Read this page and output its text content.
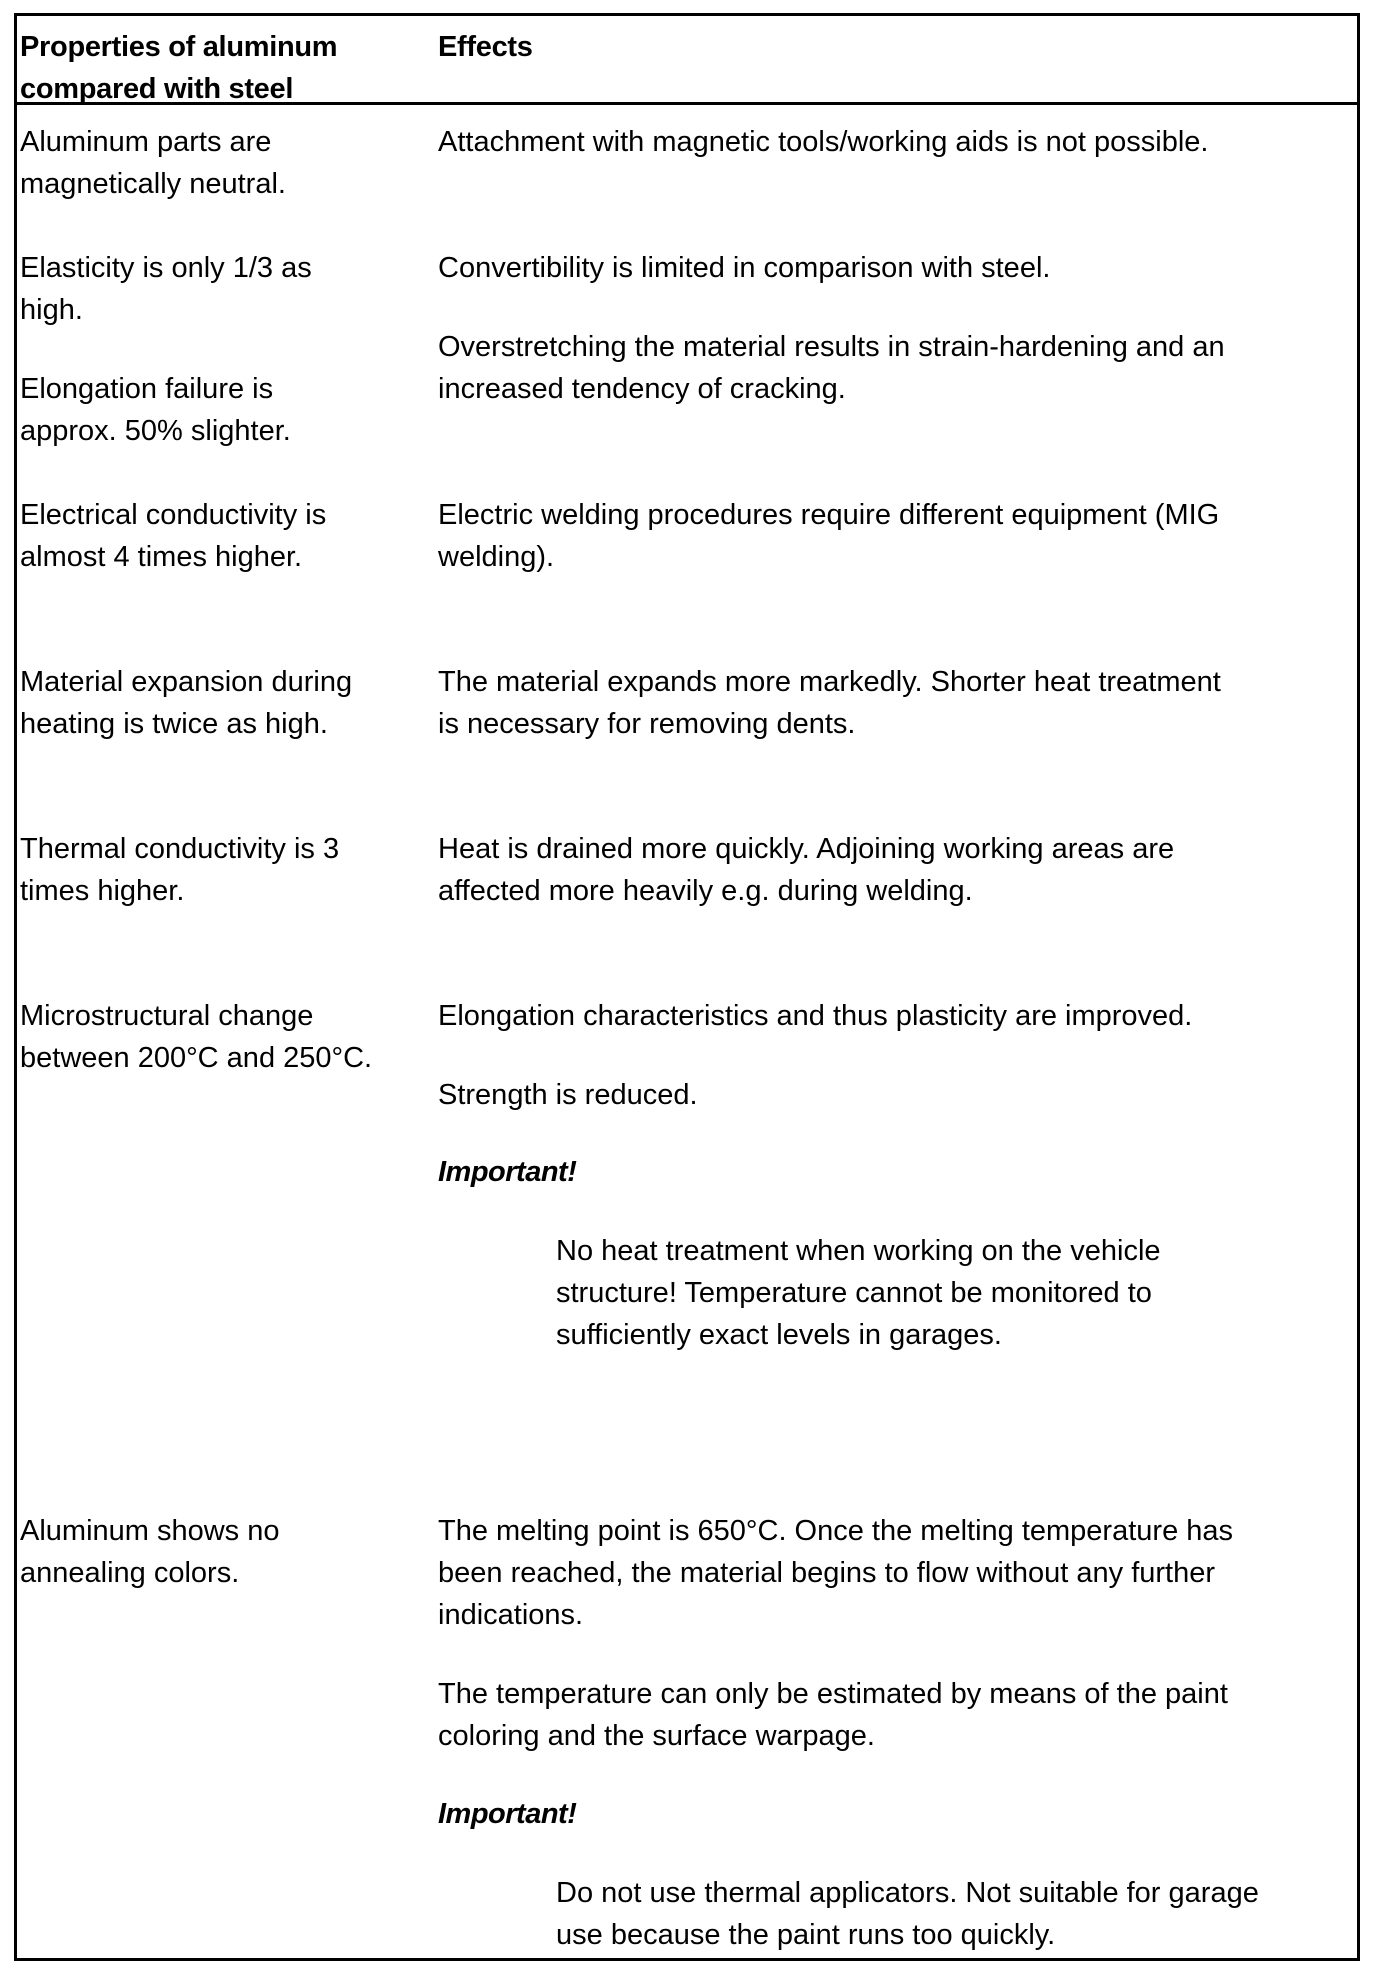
Properties of aluminum
compared with steel
Effects
Aluminum parts are
magnetically neutral.
Attachment with magnetic tools/working aids is not possible.
Elasticity is only 1/3 as
high.
Convertibility is limited in comparison with steel.
Elongation failure is
approx. 50% slighter.
Overstretching the material results in strain-hardening and an
increased tendency of cracking.
Electrical conductivity is
almost 4 times higher.
Electric welding procedures require different equipment (MIG
welding).
Material expansion during
heating is twice as high.
The material expands more markedly. Shorter heat treatment
is necessary for removing dents.
Thermal conductivity is 3
times higher.
Heat is drained more quickly. Adjoining working areas are
affected more heavily e.g. during welding.
Microstructural change
between 200°C and 250°C.
Elongation characteristics and thus plasticity are improved.
Strength is reduced.
Important!
No heat treatment when working on the vehicle
structure! Temperature cannot be monitored to
sufficiently exact levels in garages.
Aluminum shows no
annealing colors.
The melting point is 650°C. Once the melting temperature has
been reached, the material begins to flow without any further
indications.
The temperature can only be estimated by means of the paint
coloring and the surface warpage.
Important!
Do not use thermal applicators. Not suitable for garage
use because the paint runs too quickly.
